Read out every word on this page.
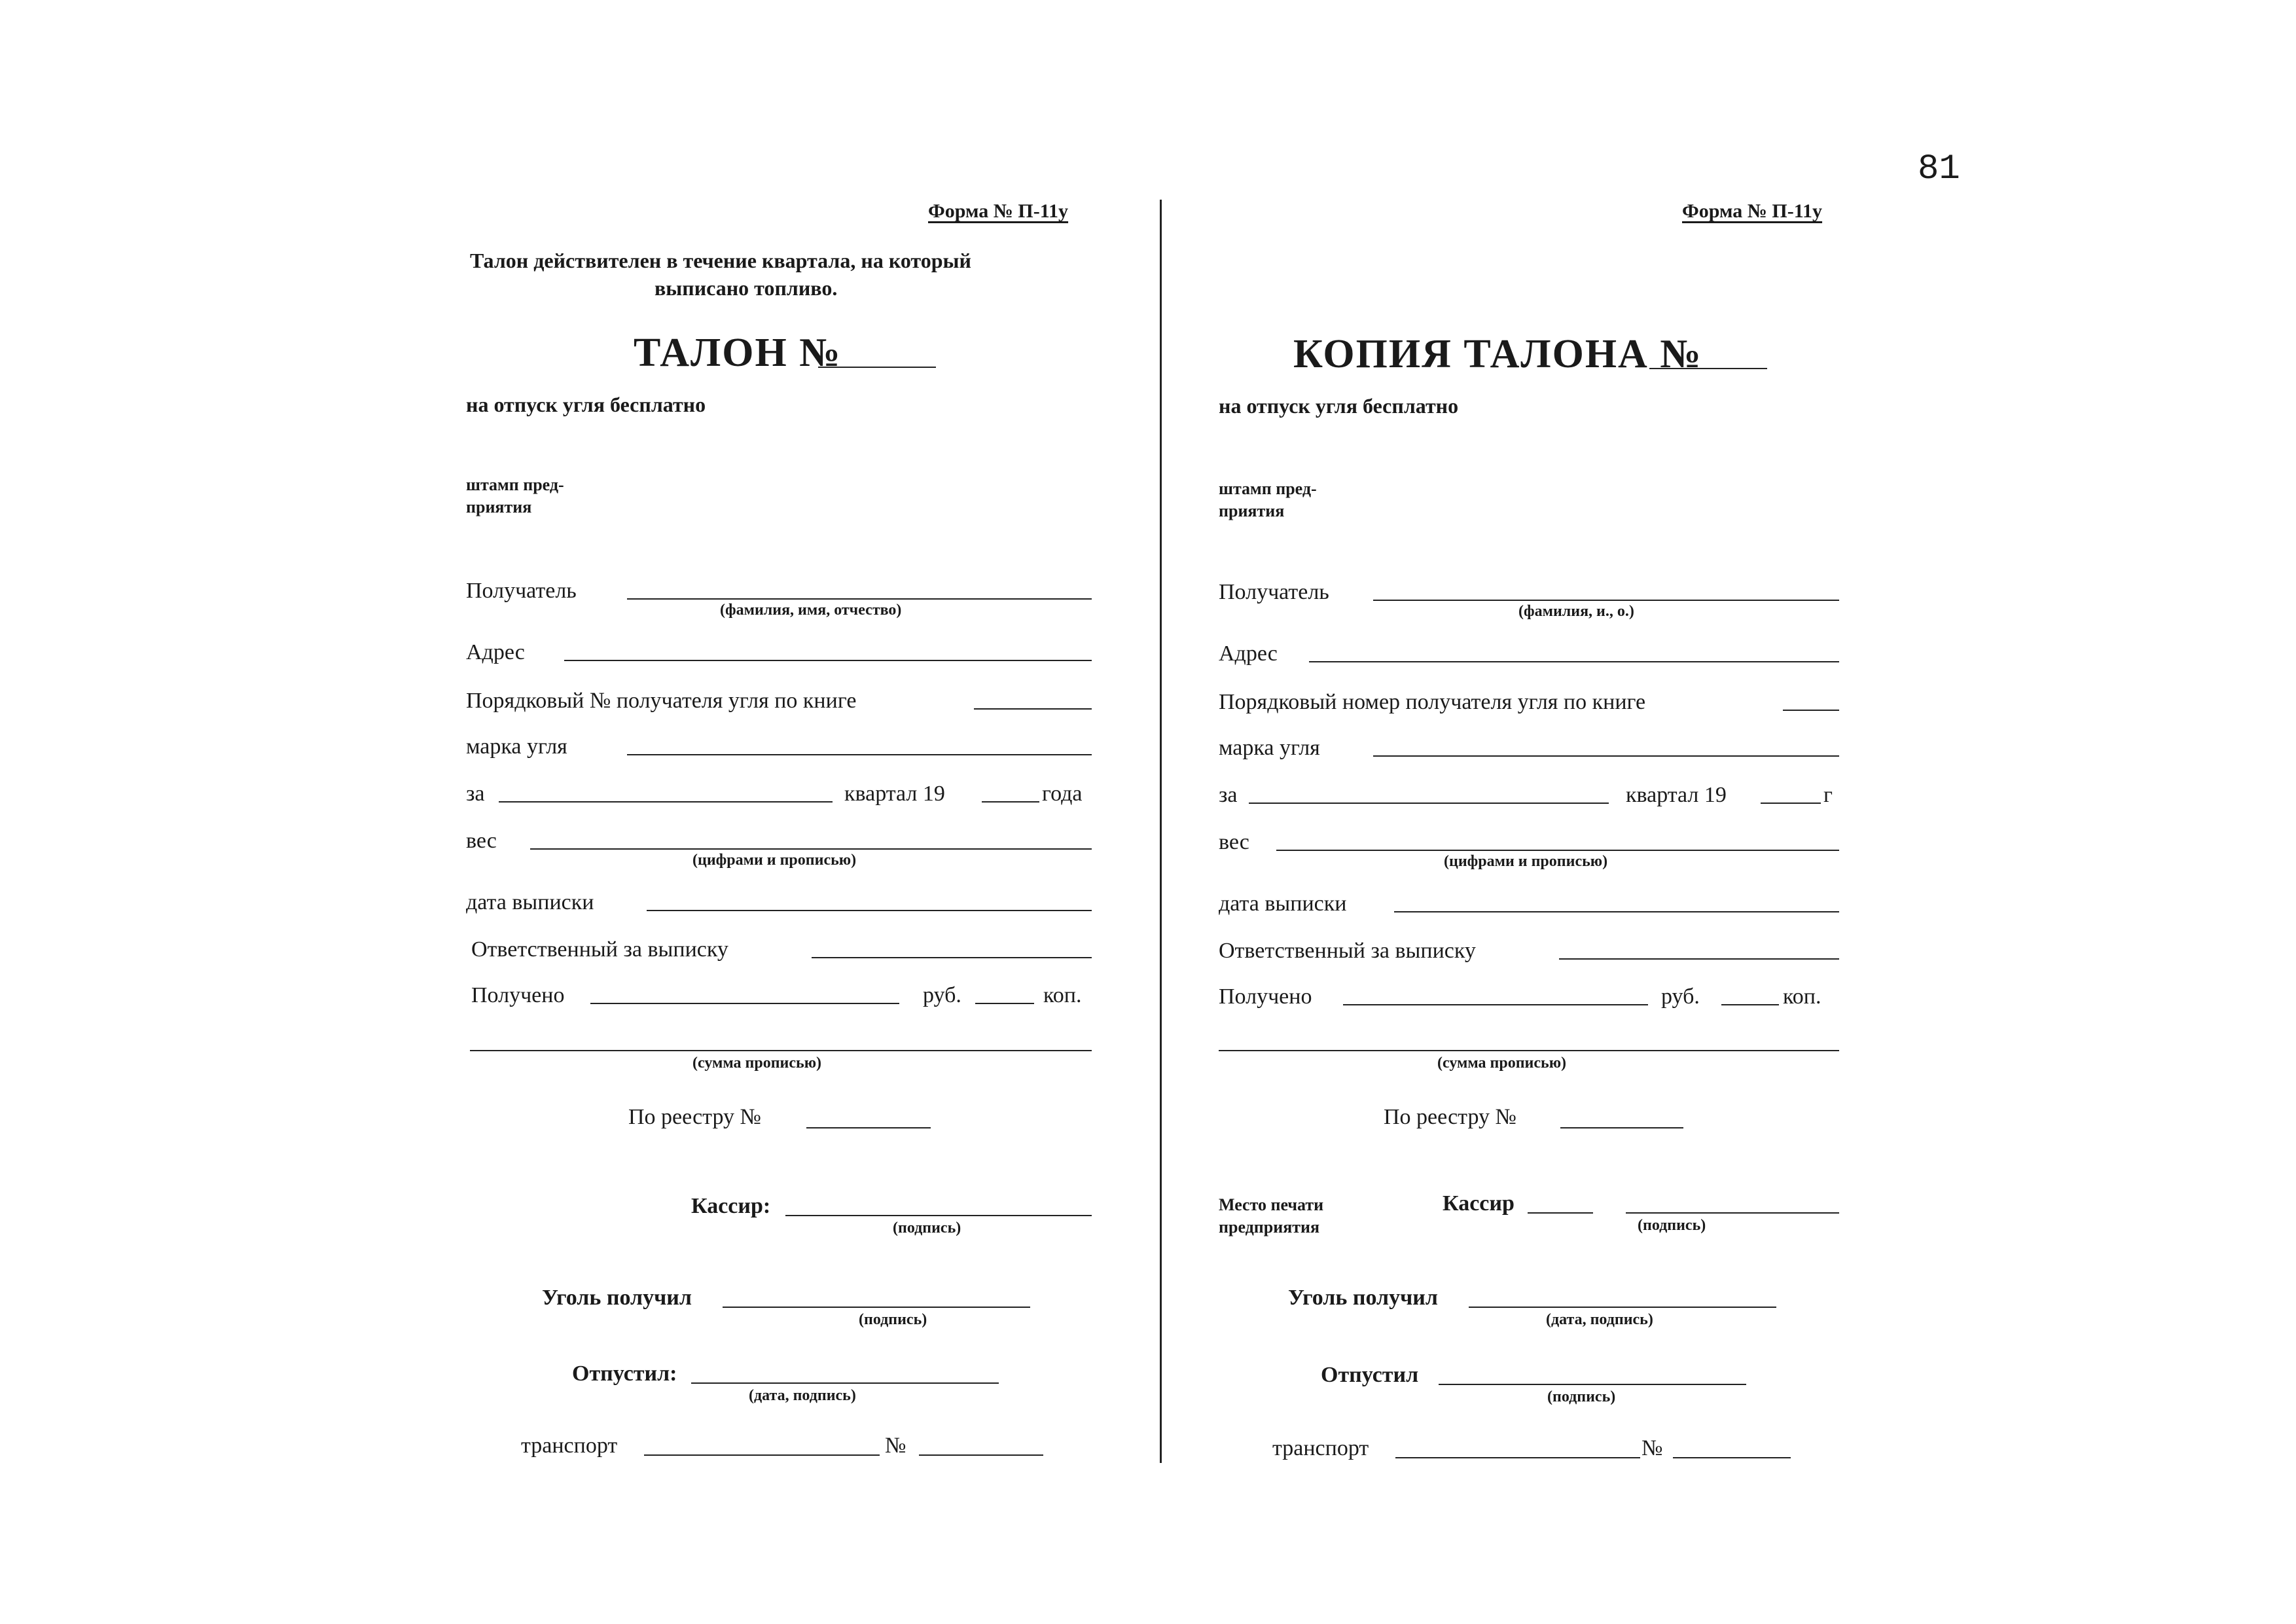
81
Форма № П-11у
Талон действителен в течение квартала, на который
выписано топливо.
ТАЛОН №
на отпуск угля бесплатно
штамп пред-
приятия
Получатель
(фамилия, имя, отчество)
Адрес
Порядковый № получателя угля по книге
марка угля
за	квартал 19	года
вес
(цифрами и прописью)
дата выписки
Ответственный за выписку
Получено	руб.	коп.
(сумма прописью)
По реестру №
Кассир:
(подпись)
Уголь получил
(подпись)
Отпустил:
(дата, подпись)
транспорт	№
Форма № П-11у
КОПИЯ ТАЛОНА №
на отпуск угля бесплатно
штамп пред-
приятия
Получатель
(фамилия, и., о.)
Адрес
Порядковый номер получателя угля по книге
марка угля
за	квартал 19	г
вес
(цифрами и прописью)
дата выписки
Ответственный за выписку
Получено	руб.	коп.
(сумма прописью)
По реестру №
Место печати
предприятия
Кассир
(подпись)
Уголь получил
(дата, подпись)
Отпустил
(подпись)
транспорт	№
